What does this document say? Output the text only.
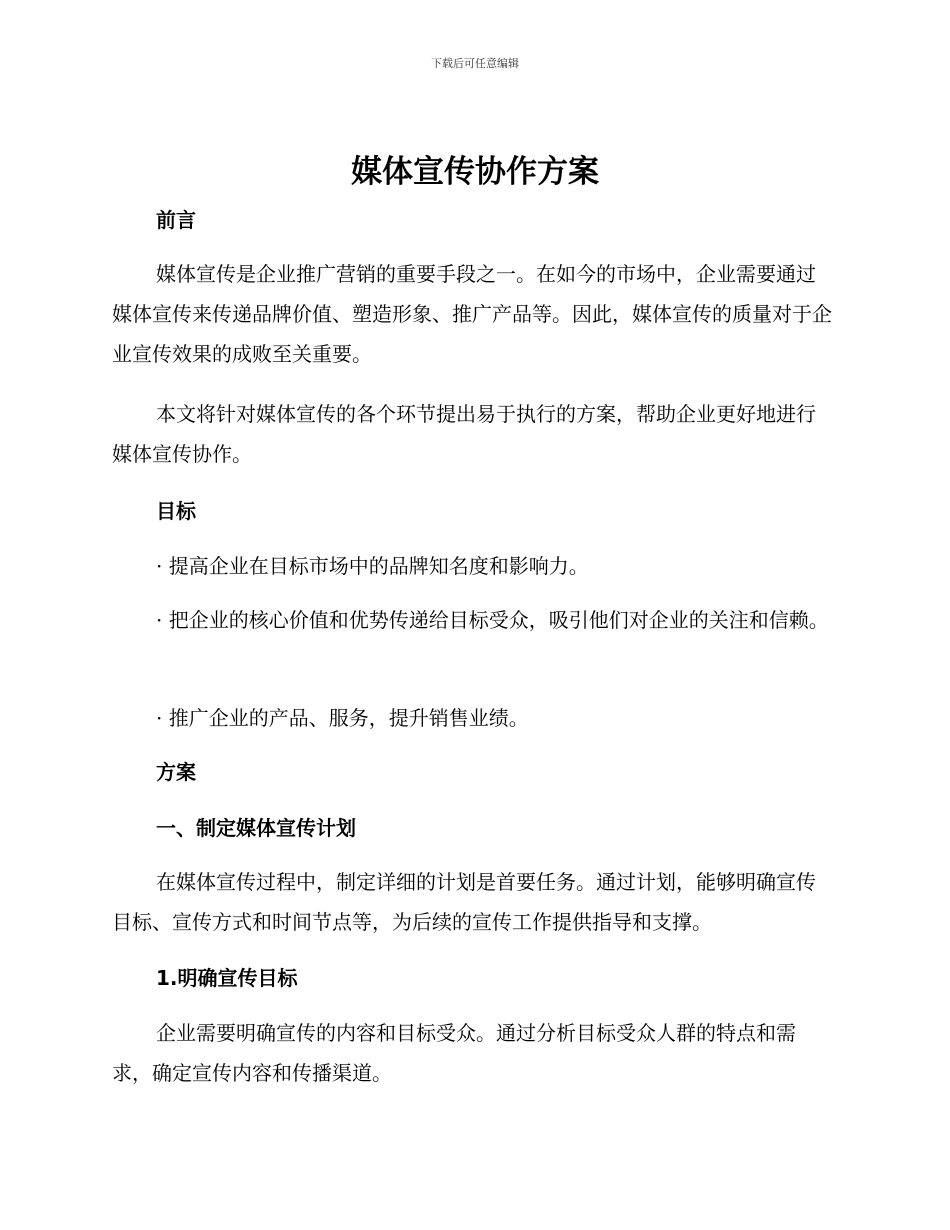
下载后可任意编辑
媒体宣传协作方案
前言

媒体宣传是企业推广营销的重要手段之一。在如今的市场中，企业需要通过媒体宣传来传递品牌价值、塑造形象、推广产品等。因此，媒体宣传的质量对于企业宣传效果的成败至关重要。

本文将针对媒体宣传的各个环节提出易于执行的方案，帮助企业更好地进行媒体宣传协作。

目标

· 提高企业在目标市场中的品牌知名度和影响力。

· 把企业的核心价值和优势传递给目标受众，吸引他们对企业的关注和信赖。

· 推广企业的产品、服务，提升销售业绩。

方案
一、制定媒体宣传计划

在媒体宣传过程中，制定详细的计划是首要任务。通过计划，能够明确宣传目标、宣传方式和时间节点等，为后续的宣传工作提供指导和支撑。

1.明确宣传目标

企业需要明确宣传的内容和目标受众。通过分析目标受众人群的特点和需求，确定宣传内容和传播渠道。
